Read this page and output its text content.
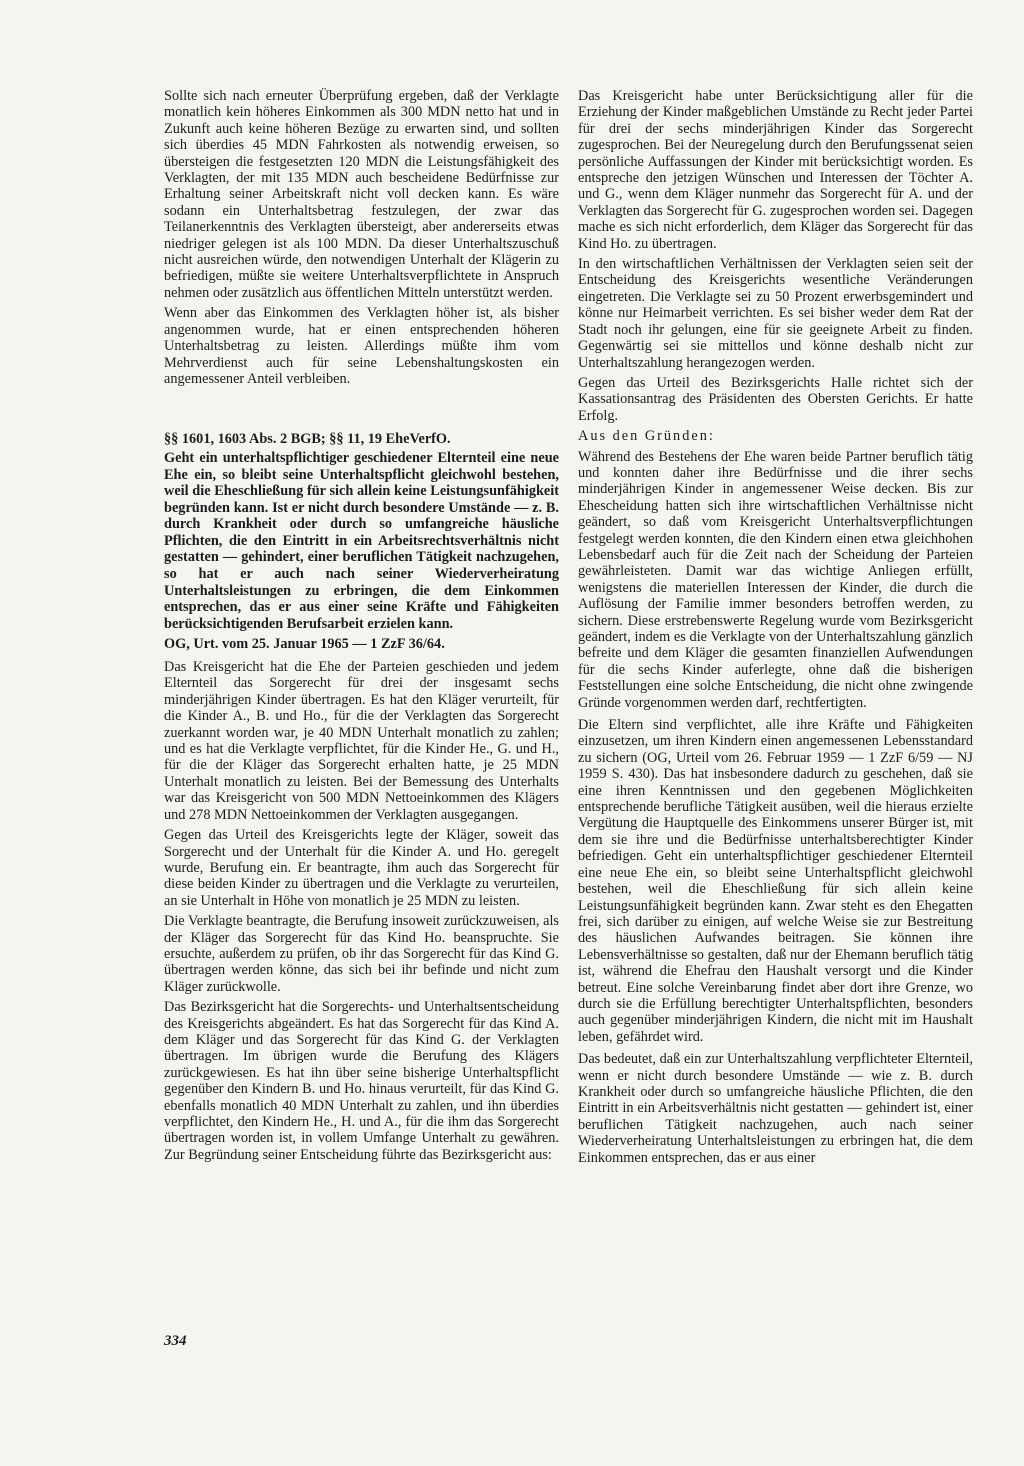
Sollte sich nach erneuter Überprüfung ergeben, daß der Verklagte monatlich kein höheres Einkommen als 300 MDN netto hat und in Zukunft auch keine höheren Bezüge zu erwarten sind, und sollten sich überdies 45 MDN Fahrkosten als notwendig erweisen, so übersteigen die festgesetzten 120 MDN die Leistungsfähigkeit des Verklagten, der mit 135 MDN auch bescheidene Bedürfnisse zur Erhaltung seiner Arbeitskraft nicht voll decken kann. Es wäre sodann ein Unterhaltsbetrag festzulegen, der zwar das Teilanerkenntnis des Verklagten übersteigt, aber andererseits etwas niedriger gelegen ist als 100 MDN. Da dieser Unterhaltszuschuß nicht ausreichen würde, den notwendigen Unterhalt der Klägerin zu befriedigen, müßte sie weitere Unterhaltsverpflichtete in Anspruch nehmen oder zusätzlich aus öffentlichen Mitteln unterstützt werden.

Wenn aber das Einkommen des Verklagten höher ist, als bisher angenommen wurde, hat er einen entsprechenden höheren Unterhaltsbetrag zu leisten. Allerdings müßte ihm vom Mehrverdienst auch für seine Lebenshaltungskosten ein angemessener Anteil verbleiben.

§§ 1601, 1603 Abs. 2 BGB; §§ 11, 19 EheVerfO.

Geht ein unterhaltspflichtiger geschiedener Elternteil eine neue Ehe ein, so bleibt seine Unterhaltspflicht gleichwohl bestehen, weil die Eheschließung für sich allein keine Leistungsunfähigkeit begründen kann. Ist er nicht durch besondere Umstände — z. B. durch Krankheit oder durch so umfangreiche häusliche Pflichten, die den Eintritt in ein Arbeitsrechtsverhältnis nicht gestatten — gehindert, einer beruflichen Tätigkeit nachzugehen, so hat er auch nach seiner Wiederverheiratung Unterhaltsleistungen zu erbringen, die dem Einkommen entsprechen, das er aus einer seine Kräfte und Fähigkeiten berücksichtigenden Berufsarbeit erzielen kann.

OG, Urt. vom 25. Januar 1965 — 1 ZzF 36/64.

Das Kreisgericht hat die Ehe der Parteien geschieden und jedem Elternteil das Sorgerecht für drei der insgesamt sechs minderjährigen Kinder übertragen. Es hat den Kläger verurteilt, für die Kinder A., B. und Ho., für die der Verklagten das Sorgerecht zuerkannt worden war, je 40 MDN Unterhalt monatlich zu zahlen; und es hat die Verklagte verpflichtet, für die Kinder He., G. und H., für die der Kläger das Sorgerecht erhalten hatte, je 25 MDN Unterhalt monatlich zu leisten. Bei der Bemessung des Unterhalts war das Kreisgericht von 500 MDN Nettoeinkommen des Klägers und 278 MDN Nettoeinkommen der Verklagten ausgegangen.

Gegen das Urteil des Kreisgerichts legte der Kläger, soweit das Sorgerecht und der Unterhalt für die Kinder A. und Ho. geregelt wurde, Berufung ein. Er beantragte, ihm auch das Sorgerecht für diese beiden Kinder zu übertragen und die Verklagte zu verurteilen, an sie Unterhalt in Höhe von monatlich je 25 MDN zu leisten.

Die Verklagte beantragte, die Berufung insoweit zurückzuweisen, als der Kläger das Sorgerecht für das Kind Ho. beanspruchte. Sie ersuchte, außerdem zu prüfen, ob ihr das Sorgerecht für das Kind G. übertragen werden könne, das sich bei ihr befinde und nicht zum Kläger zurückwolle.

Das Bezirksgericht hat die Sorgerechts- und Unterhaltsentscheidung des Kreisgerichts abgeändert. Es hat das Sorgerecht für das Kind A. dem Kläger und das Sorgerecht für das Kind G. der Verklagten übertragen. Im übrigen wurde die Berufung des Klägers zurückgewiesen. Es hat ihn über seine bisherige Unterhaltspflicht gegenüber den Kindern B. und Ho. hinaus verurteilt, für das Kind G. ebenfalls monatlich 40 MDN Unterhalt zu zahlen, und ihn überdies verpflichtet, den Kindern He., H. und A., für die ihm das Sorgerecht übertragen worden ist, in vollem Umfange Unterhalt zu gewähren. Zur Begründung seiner Entscheidung führte das Bezirksgericht aus:

Das Kreisgericht habe unter Berücksichtigung aller für die Erziehung der Kinder maßgeblichen Umstände zu Recht jeder Partei für drei der sechs minderjährigen Kinder das Sorgerecht zugesprochen. Bei der Neuregelung durch den Berufungssenat seien persönliche Auffassungen der Kinder mit berücksichtigt worden. Es entspreche den jetzigen Wünschen und Interessen der Töchter A. und G., wenn dem Kläger nunmehr das Sorgerecht für A. und der Verklagten das Sorgerecht für G. zugesprochen worden sei. Dagegen mache es sich nicht erforderlich, dem Kläger das Sorgerecht für das Kind Ho. zu übertragen.

In den wirtschaftlichen Verhältnissen der Verklagten seien seit der Entscheidung des Kreisgerichts wesentliche Veränderungen eingetreten. Die Verklagte sei zu 50 Prozent erwerbsgemindert und könne nur Heimarbeit verrichten. Es sei bisher weder dem Rat der Stadt noch ihr gelungen, eine für sie geeignete Arbeit zu finden. Gegenwärtig sei sie mittellos und könne deshalb nicht zur Unterhaltszahlung herangezogen werden.

Gegen das Urteil des Bezirksgerichts Halle richtet sich der Kassationsantrag des Präsidenten des Obersten Gerichts. Er hatte Erfolg.

Aus den Gründen:

Während des Bestehens der Ehe waren beide Partner beruflich tätig und konnten daher ihre Bedürfnisse und die ihrer sechs minderjährigen Kinder in angemessener Weise decken. Bis zur Ehescheidung hatten sich ihre wirtschaftlichen Verhältnisse nicht geändert, so daß vom Kreisgericht Unterhaltsverpflichtungen festgelegt werden konnten, die den Kindern einen etwa gleichhohen Lebensbedarf auch für die Zeit nach der Scheidung der Parteien gewährleisteten. Damit war das wichtige Anliegen erfüllt, wenigstens die materiellen Interessen der Kinder, die durch die Auflösung der Familie immer besonders betroffen werden, zu sichern. Diese erstrebenswerte Regelung wurde vom Bezirksgericht geändert, indem es die Verklagte von der Unterhaltszahlung gänzlich befreite und dem Kläger die gesamten finanziellen Aufwendungen für die sechs Kinder auferlegte, ohne daß die bisherigen Feststellungen eine solche Entscheidung, die nicht ohne zwingende Gründe vorgenommen werden darf, rechtfertigten.

Die Eltern sind verpflichtet, alle ihre Kräfte und Fähigkeiten einzusetzen, um ihren Kindern einen angemessenen Lebensstandard zu sichern (OG, Urteil vom 26. Februar 1959 — 1 ZzF 6/59 — NJ 1959 S. 430). Das hat insbesondere dadurch zu geschehen, daß sie eine ihren Kenntnissen und den gegebenen Möglichkeiten entsprechende berufliche Tätigkeit ausüben, weil die hieraus erzielte Vergütung die Hauptquelle des Einkommens unserer Bürger ist, mit dem sie ihre und die Bedürfnisse unterhaltsberechtigter Kinder befriedigen. Geht ein unterhaltspflichtiger geschiedener Elternteil eine neue Ehe ein, so bleibt seine Unterhaltspflicht gleichwohl bestehen, weil die Eheschließung für sich allein keine Leistungsunfähigkeit begründen kann. Zwar steht es den Ehegatten frei, sich darüber zu einigen, auf welche Weise sie zur Bestreitung des häuslichen Aufwandes beitragen. Sie können ihre Lebensverhältnisse so gestalten, daß nur der Ehemann beruflich tätig ist, während die Ehefrau den Haushalt versorgt und die Kinder betreut. Eine solche Vereinbarung findet aber dort ihre Grenze, wo durch sie die Erfüllung berechtigter Unterhaltspflichten, besonders auch gegenüber minderjährigen Kindern, die nicht mit im Haushalt leben, gefährdet wird.

Das bedeutet, daß ein zur Unterhaltszahlung verpflichteter Elternteil, wenn er nicht durch besondere Umstände — wie z. B. durch Krankheit oder durch so umfangreiche häusliche Pflichten, die den Eintritt in ein Arbeitsverhältnis nicht gestatten — gehindert ist, einer beruflichen Tätigkeit nachzugehen, auch nach seiner Wiederverheiratung Unterhaltsleistungen zu erbringen hat, die dem Einkommen entsprechen, das er aus einer

334
